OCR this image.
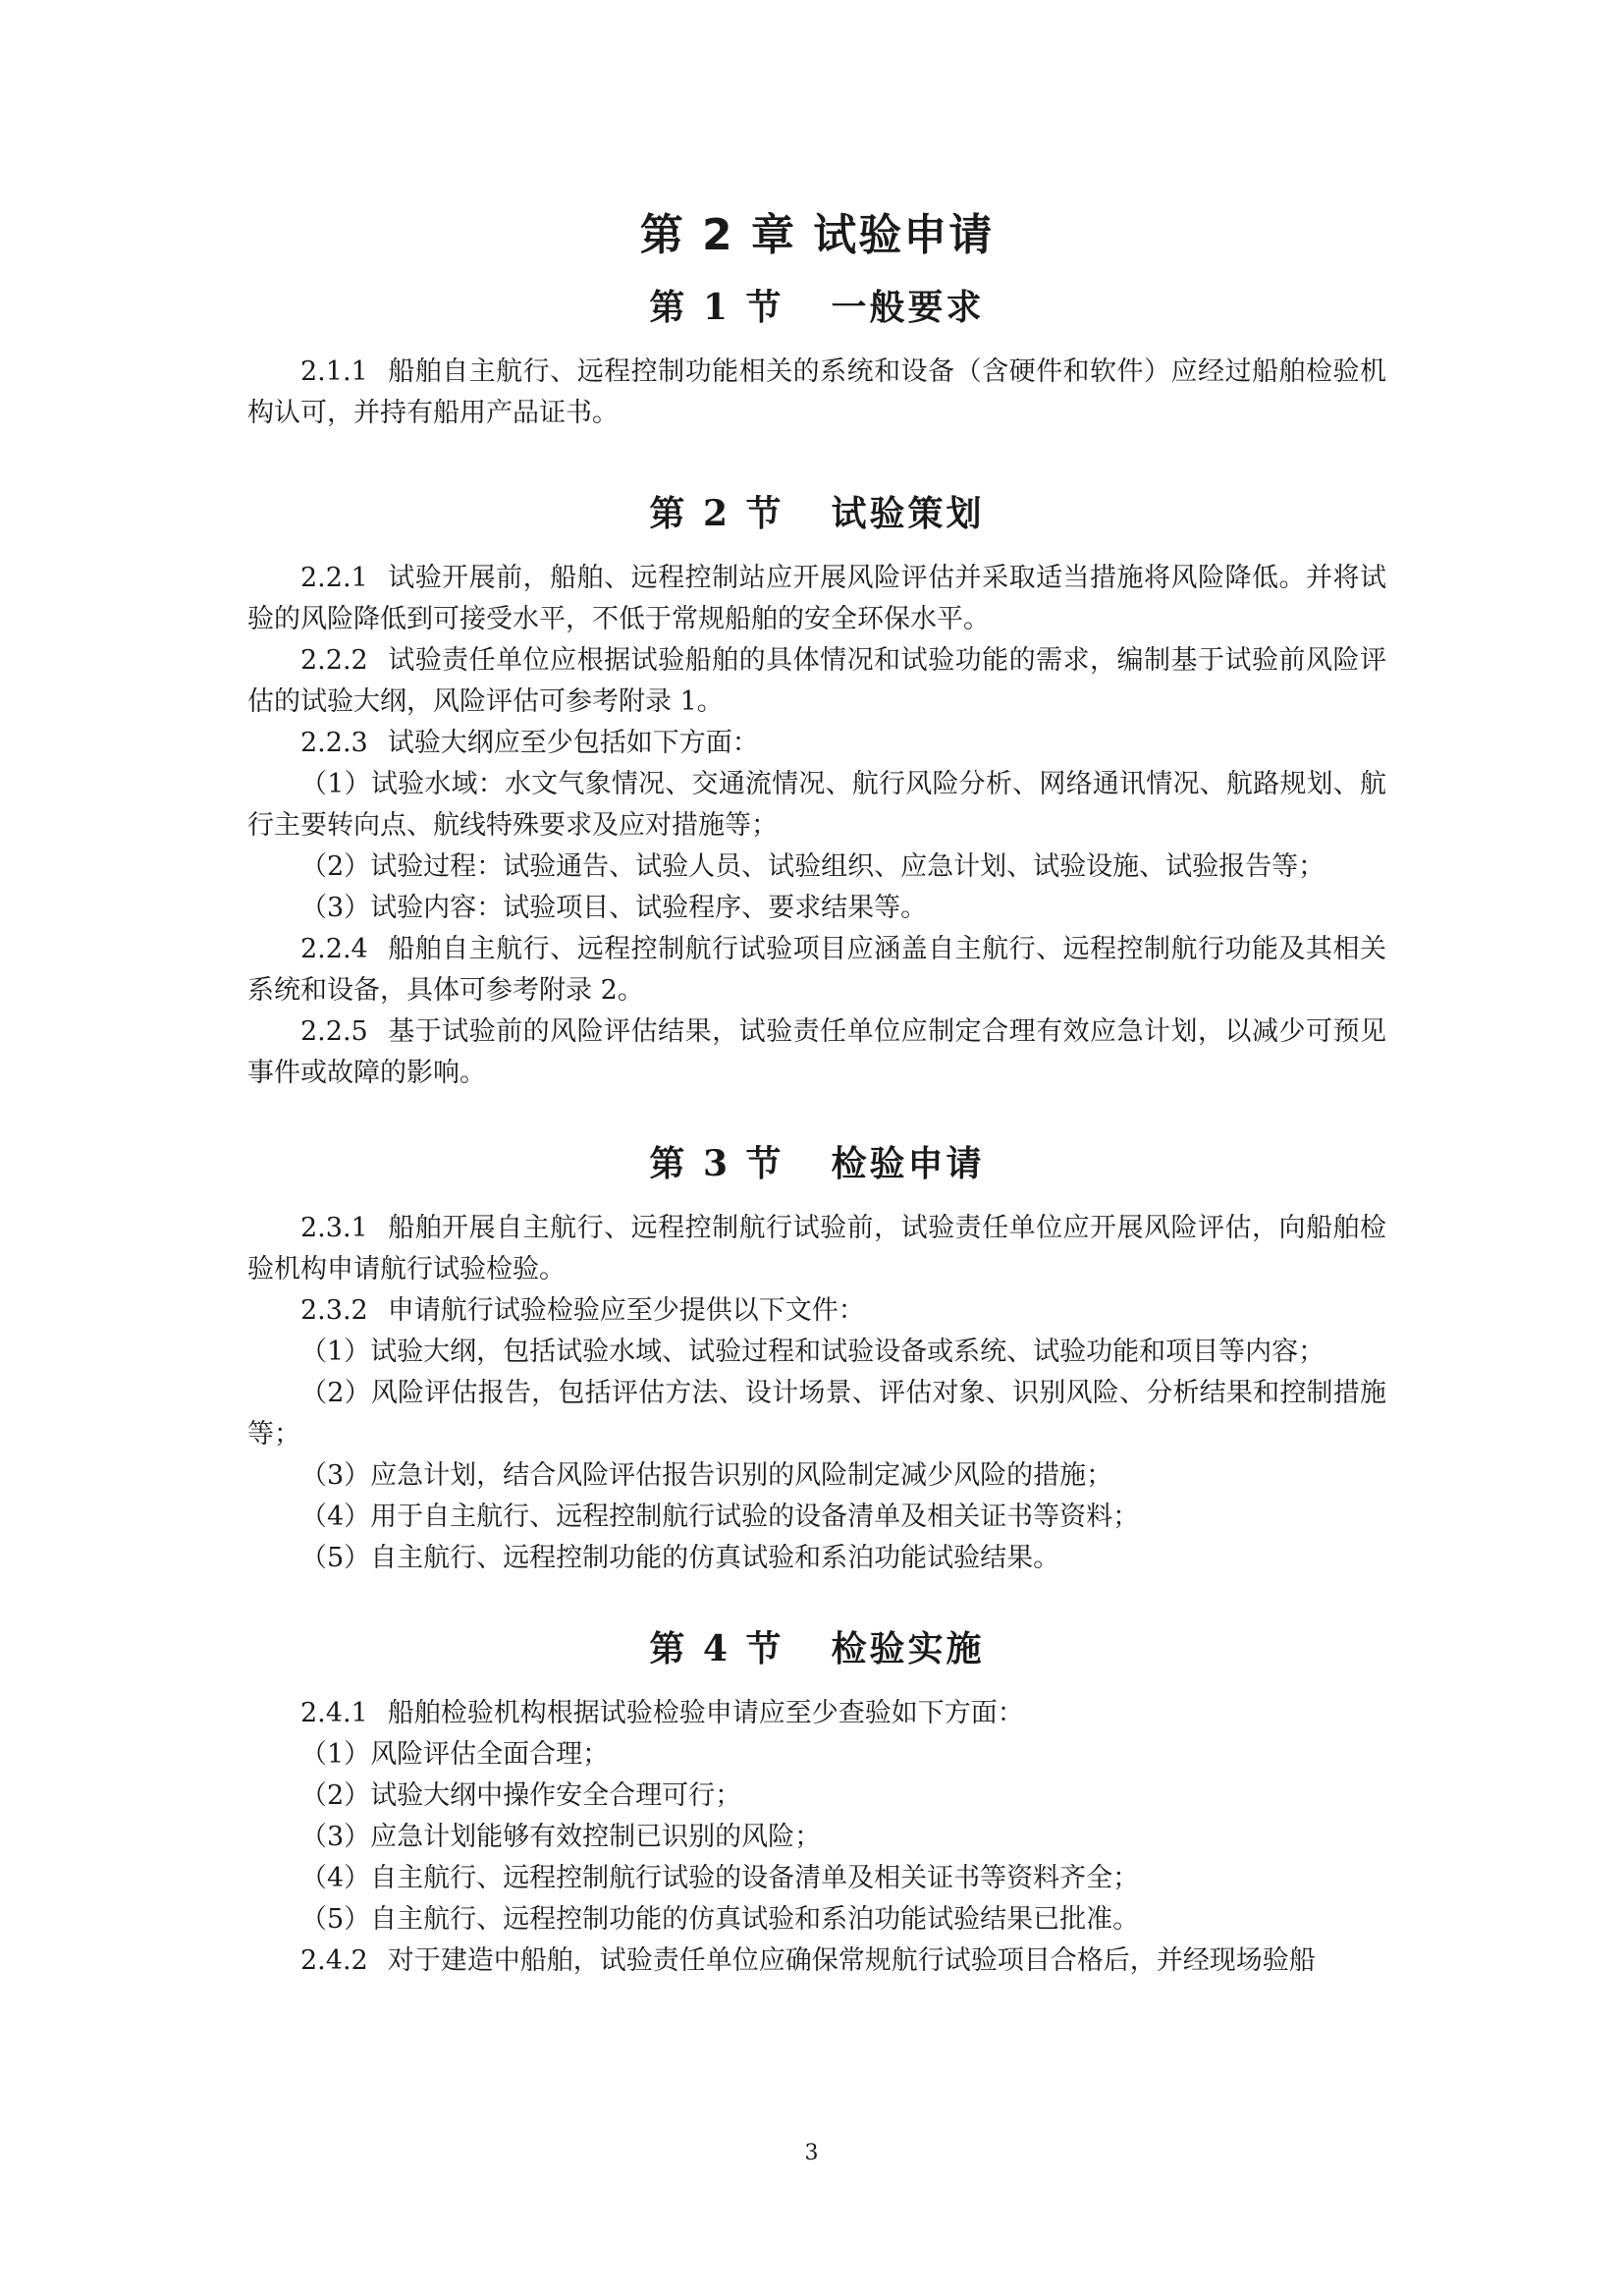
第 2 章 试验申请
第 1 节 一般要求

2.1.1 船舶自主航行、远程控制功能相关的系统和设备（含硬件和软件）应经过船舶检验机构认可，并持有船用产品证书。

第 2 节 试验策划

2.2.1 试验开展前，船舶、远程控制站应开展风险评估并采取适当措施将风险降低。并将试验的风险降低到可接受水平，不低于常规船舶的安全环保水平。

2.2.2 试验责任单位应根据试验船舶的具体情况和试验功能的需求，编制基于试验前风险评估的试验大纲，风险评估可参考附录 1。

2.2.3 试验大纲应至少包括如下方面：

（1）试验水域：水文气象情况、交通流情况、航行风险分析、网络通讯情况、航路规划、航行主要转向点、航线特殊要求及应对措施等；

（2）试验过程：试验通告、试验人员、试验组织、应急计划、试验设施、试验报告等；

（3）试验内容：试验项目、试验程序、要求结果等。

2.2.4 船舶自主航行、远程控制航行试验项目应涵盖自主航行、远程控制航行功能及其相关系统和设备，具体可参考附录 2。

2.2.5 基于试验前的风险评估结果，试验责任单位应制定合理有效应急计划，以减少可预见事件或故障的影响。

第 3 节 检验申请

2.3.1 船舶开展自主航行、远程控制航行试验前，试验责任单位应开展风险评估，向船舶检验机构申请航行试验检验。

2.3.2 申请航行试验检验应至少提供以下文件：

（1）试验大纲，包括试验水域、试验过程和试验设备或系统、试验功能和项目等内容；

（2）风险评估报告，包括评估方法、设计场景、评估对象、识别风险、分析结果和控制措施等；

（3）应急计划，结合风险评估报告识别的风险制定减少风险的措施；

（4）用于自主航行、远程控制航行试验的设备清单及相关证书等资料；

（5）自主航行、远程控制功能的仿真试验和系泊功能试验结果。

第 4 节 检验实施

2.4.1 船舶检验机构根据试验检验申请应至少查验如下方面：

（1）风险评估全面合理；

（2）试验大纲中操作安全合理可行；

（3）应急计划能够有效控制已识别的风险；

（4）自主航行、远程控制航行试验的设备清单及相关证书等资料齐全；

（5）自主航行、远程控制功能的仿真试验和系泊功能试验结果已批准。

2.4.2 对于建造中船舶，试验责任单位应确保常规航行试验项目合格后，并经现场验船

3
